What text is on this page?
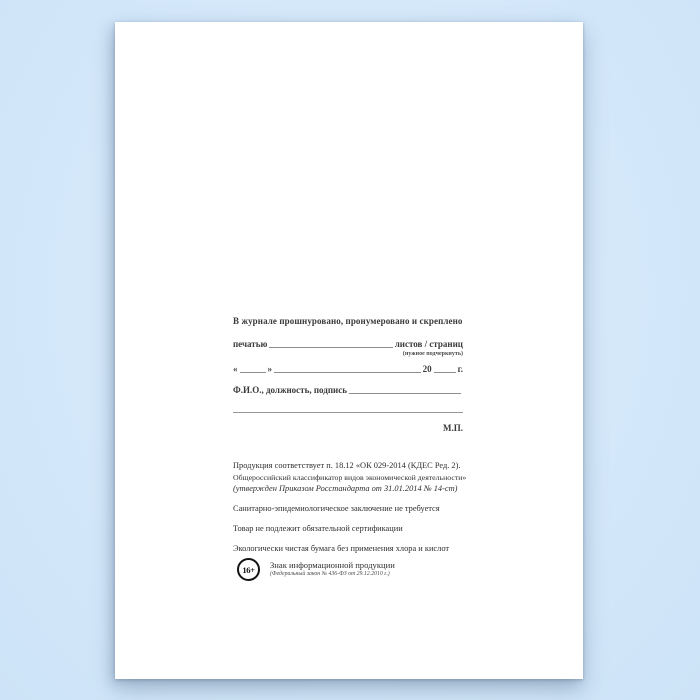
В журнале прошнуровано, пронумеровано и скреплено
печатью	листов / страниц
(нужное подчеркнуть)
«	»	20	г.
Ф.И.О., должность, подпись
М.П.
Продукция соответствует п. 18.12 «ОК 029-2014 (КДЕС Ред. 2).
Общероссийский классификатор видов экономической деятельности»
(утвержден Приказом Росстандарта от 31.01.2014 № 14-ст)
Санитарно-эпидемиологическое заключение не требуется
Товар не подлежит обязательной сертификации
Экологически чистая бумага без применения хлора и кислот
16+	Знак информационной продукции
(Федеральный закон № 436-ФЗ от 29.12.2010 г.)
